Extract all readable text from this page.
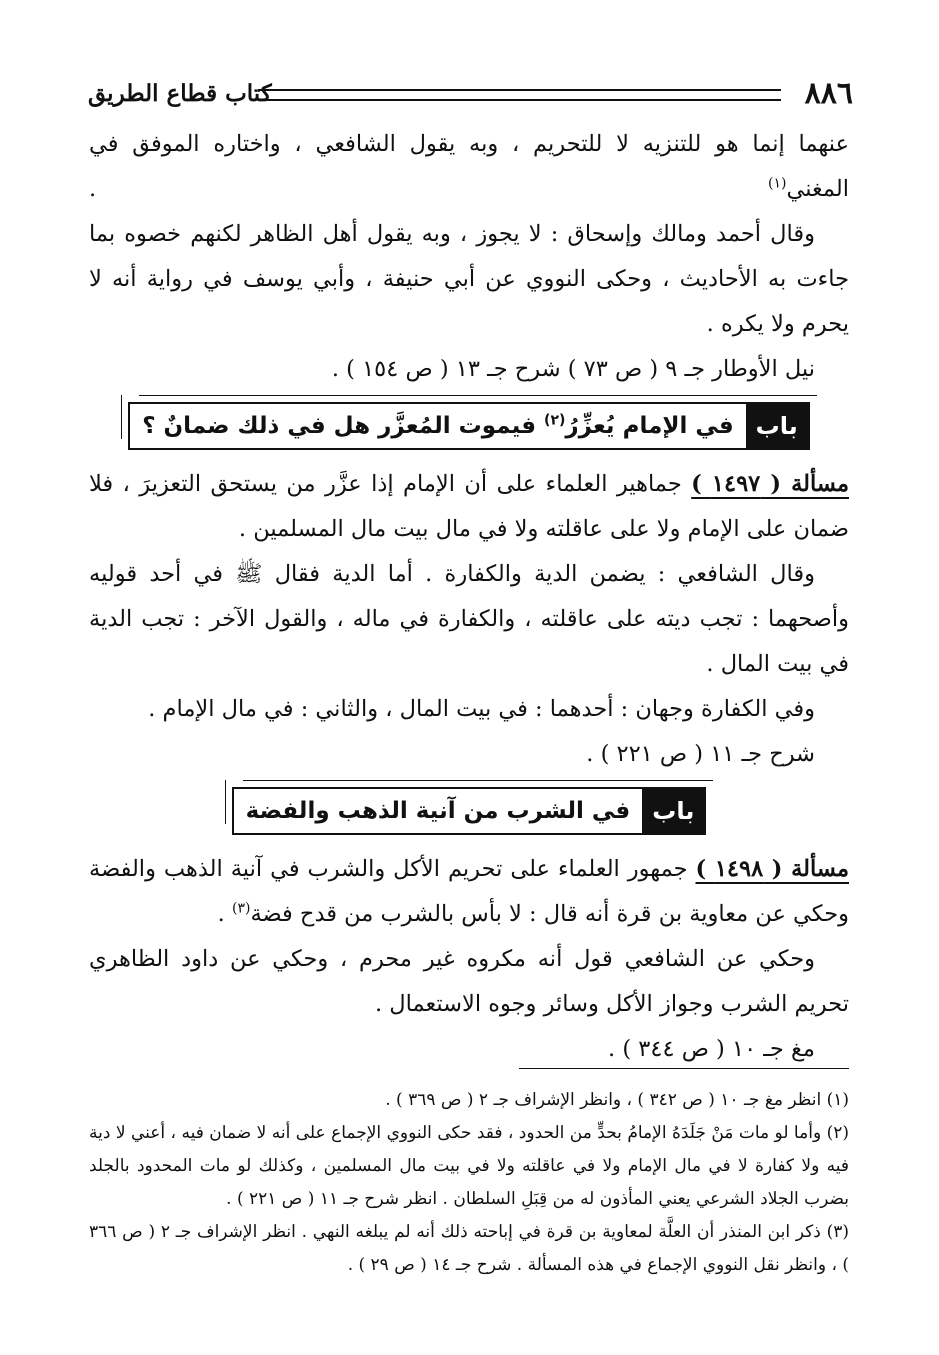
٨٨٦
كتاب قطاع الطريق

عنهما إنما هو للتنزيه لا للتحريم ، وبه يقول الشافعي ، واختاره الموفق في المغني$^{(١)}$ .

وقال أحمد ومالك وإسحاق : لا يجوز ، وبه يقول أهل الظاهر لكنهم خصوه بما جاءت به الأحاديث ، وحكى النووي عن أبي حنيفة ، وأبي يوسف في رواية أنه لا يحرم ولا يكره .

نيل الأوطار جـ ٩ ( ص ٧٣ ) شرح جـ ١٣ ( ص ١٥٤ ) .

باب
في الإمام يُعزِّرُ$^{(٢)}$ فيموت المُعزَّر هل في ذلك ضمانٌ ؟

مسألة ( ١٤٩٧ ) جماهير العلماء على أن الإمام إذا عزَّر من يستحق التعزيرَ ، فلا ضمان على الإمام ولا على عاقلته ولا في مال بيت مال المسلمين .

وقال الشافعي : يضمن الدية والكفارة . أما الدية فقال ﷺ في أحد قوليه وأصحهما : تجب ديته على عاقلته ، والكفارة في ماله ، والقول الآخر : تجب الدية في بيت المال .

وفي الكفارة وجهان : أحدهما : في بيت المال ، والثاني : في مال الإمام .

شرح جـ ١١ ( ص ٢٢١ ) .

باب
في الشرب من آنية الذهب والفضة

مسألة ( ١٤٩٨ ) جمهور العلماء على تحريم الأكل والشرب في آنية الذهب والفضة وحكي عن معاوية بن قرة أنه قال : لا بأس بالشرب من قدح فضة$^{(٣)}$ .

وحكي عن الشافعي قول أنه مكروه غير محرم ، وحكي عن داود الظاهري تحريم الشرب وجواز الأكل وسائر وجوه الاستعمال .

مغ جـ ١٠ ( ص ٣٤٤ ) .

(١) انظر مغ جـ ١٠ ( ص ٣٤٢ ) ، وانظر الإشراف جـ ٢ ( ص ٣٦٩ ) .

(٢) وأما لو مات مَنْ جَلَدَهُ الإمامُ بحدٍّ من الحدود ، فقد حكى النووي الإجماع على أنه لا ضمان فيه ، أعني لا دية فيه ولا كفارة لا في مال الإمام ولا في عاقلته ولا في بيت مال المسلمين ، وكذلك لو مات المحدود بالجلد بضرب الجلاد الشرعي يعني المأذون له من قِبَلِ السلطان . انظر شرح جـ ١١ ( ص ٢٢١ ) .

(٣) ذكر ابن المنذر أن العلَّة لمعاوية بن قرة في إباحته ذلك أنه لم يبلغه النهي . انظر الإشراف جـ ٢ ( ص ٣٦٦ ) ، وانظر نقل النووي الإجماع في هذه المسألة . شرح جـ ١٤ ( ص ٢٩ ) .
